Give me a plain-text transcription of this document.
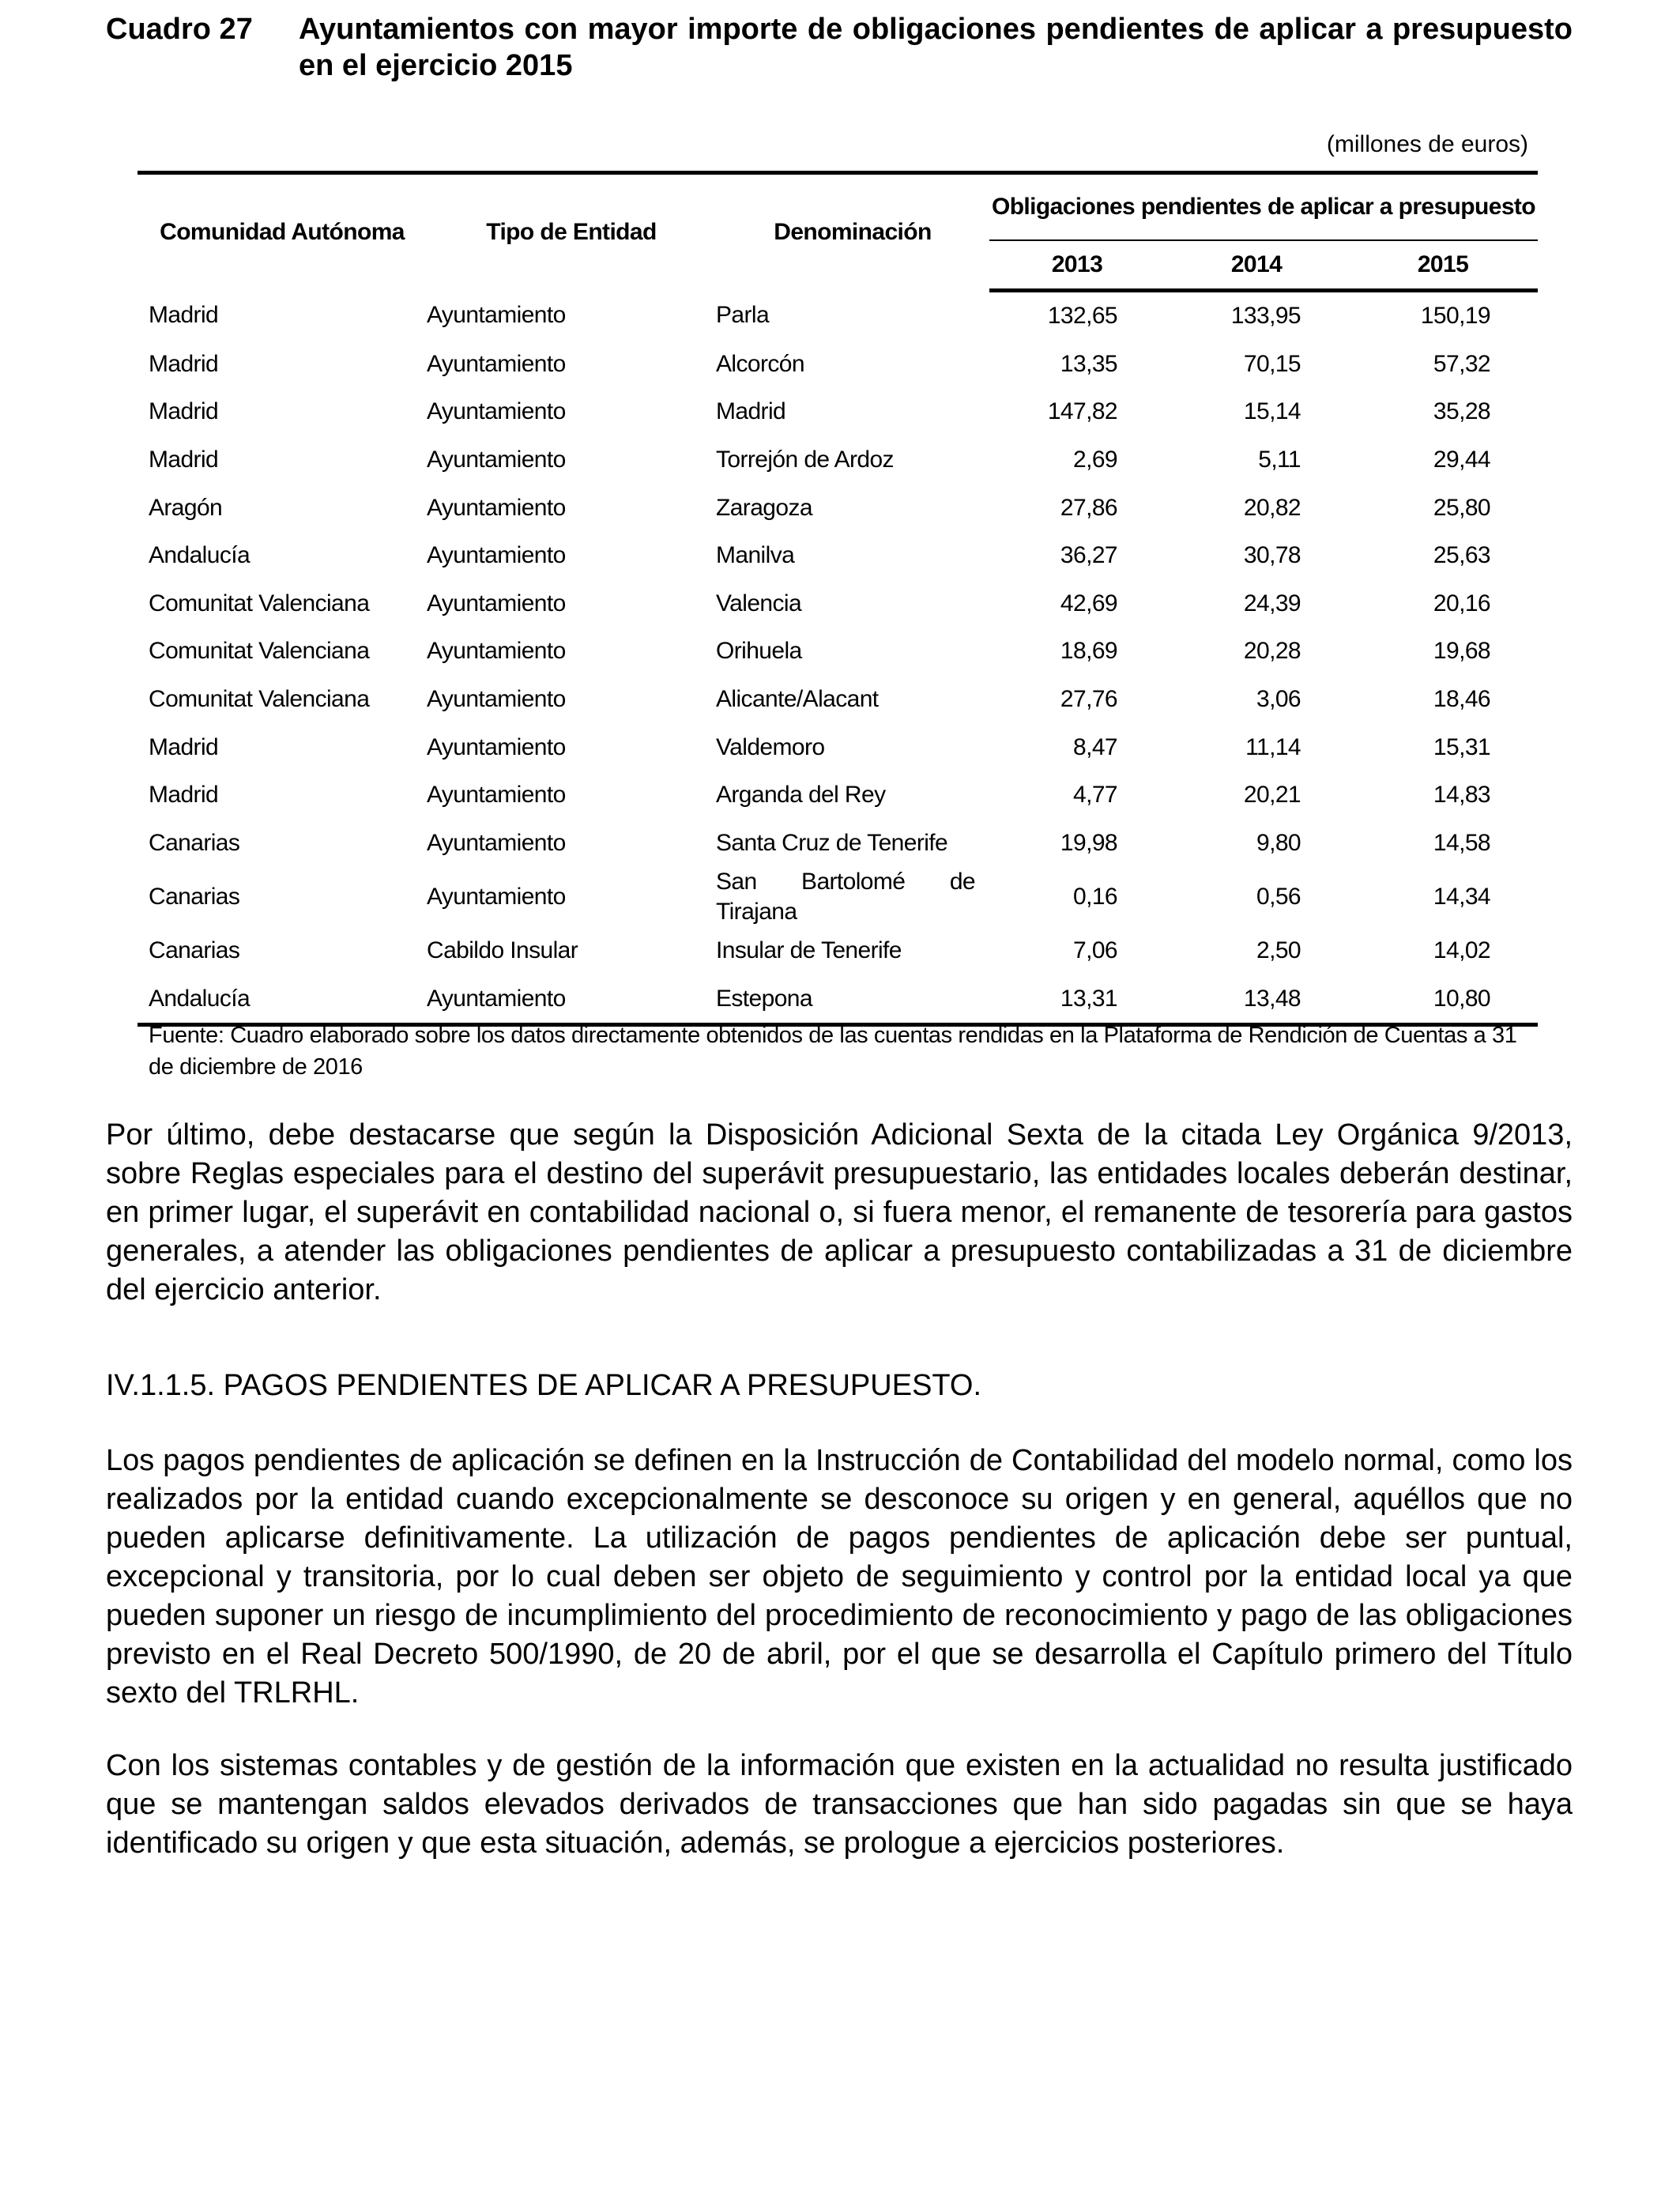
Cuadro 27	Ayuntamientos con mayor importe de obligaciones pendientes de aplicar a presupuesto en el ejercicio 2015
(millones de euros)
Comunidad Autónoma	Tipo de Entidad	Denominación	Obligaciones pendientes de aplicar a presupuesto		
			2013	2014	2015
Madrid	Ayuntamiento	Parla	132,65	133,95	150,19
Madrid	Ayuntamiento	Alcorcón	13,35	70,15	57,32
Madrid	Ayuntamiento	Madrid	147,82	15,14	35,28
Madrid	Ayuntamiento	Torrejón de Ardoz	2,69	5,11	29,44
Aragón	Ayuntamiento	Zaragoza	27,86	20,82	25,80
Andalucía	Ayuntamiento	Manilva	36,27	30,78	25,63
Comunitat Valenciana	Ayuntamiento	Valencia	42,69	24,39	20,16
Comunitat Valenciana	Ayuntamiento	Orihuela	18,69	20,28	19,68
Comunitat Valenciana	Ayuntamiento	Alicante/Alacant	27,76	3,06	18,46
Madrid	Ayuntamiento	Valdemoro	8,47	11,14	15,31
Madrid	Ayuntamiento	Arganda del Rey	4,77	20,21	14,83
Canarias	Ayuntamiento	Santa Cruz de Tenerife	19,98	9,80	14,58
Canarias	Ayuntamiento	San Bartolomé de Tirajana	0,16	0,56	14,34
Canarias	Cabildo Insular	Insular de Tenerife	7,06	2,50	14,02
Andalucía	Ayuntamiento	Estepona	13,31	13,48	10,80
Fuente: Cuadro elaborado sobre los datos directamente obtenidos de las cuentas rendidas en la Plataforma de Rendición de Cuentas a 31 de diciembre de 2016
Por último, debe destacarse que según la Disposición Adicional Sexta de la citada Ley Orgánica 9/2013, sobre Reglas especiales para el destino del superávit presupuestario, las entidades locales deberán destinar, en primer lugar, el superávit en contabilidad nacional o, si fuera menor, el remanente de tesorería para gastos generales, a atender las obligaciones pendientes de aplicar a presupuesto contabilizadas a 31 de diciembre del ejercicio anterior.
IV.1.1.5. PAGOS PENDIENTES DE APLICAR A PRESUPUESTO.
Los pagos pendientes de aplicación se definen en la Instrucción de Contabilidad del modelo normal, como los realizados por la entidad cuando excepcionalmente se desconoce su origen y en general, aquéllos que no pueden aplicarse definitivamente. La utilización de pagos pendientes de aplicación debe ser puntual, excepcional y transitoria, por lo cual deben ser objeto de seguimiento y control por la entidad local ya que pueden suponer un riesgo de incumplimiento del procedimiento de reconocimiento y pago de las obligaciones previsto en el Real Decreto 500/1990, de 20 de abril, por el que se desarrolla el Capítulo primero del Título sexto del TRLRHL.
Con los sistemas contables y de gestión de la información que existen en la actualidad no resulta justificado que se mantengan saldos elevados derivados de transacciones que han sido pagadas sin que se haya identificado su origen y que esta situación, además, se prologue a ejercicios posteriores.
